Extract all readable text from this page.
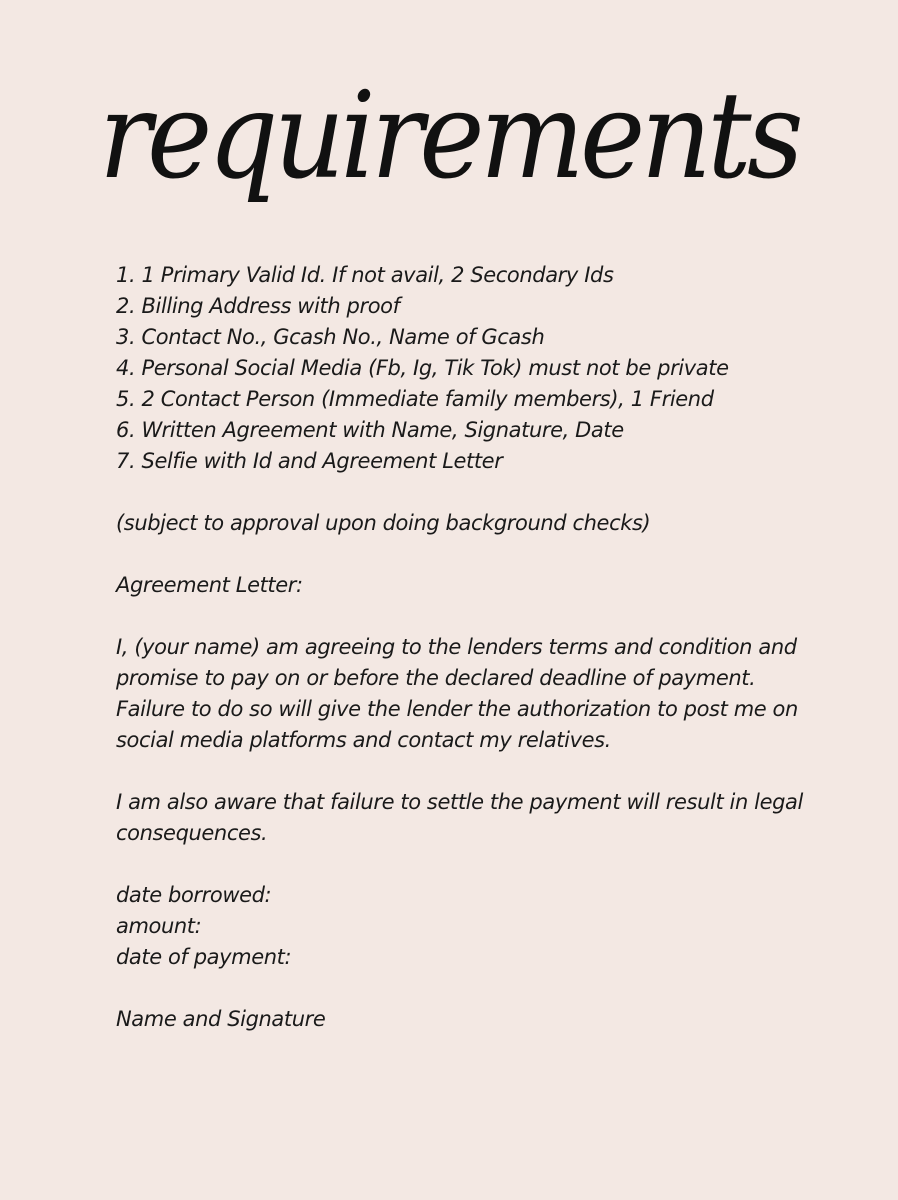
requirements
1. 1 Primary Valid Id. If not avail, 2 Secondary Ids
2. Billing Address with proof
3. Contact No., Gcash No., Name of Gcash
4. Personal Social Media (Fb, Ig, Tik Tok) must not be private
5. 2 Contact Person (Immediate family members), 1 Friend
6. Written Agreement with Name, Signature, Date
7. Selfie with Id and Agreement Letter
(subject to approval upon doing background checks)
Agreement Letter:
I, (your name) am agreeing to the lenders terms and condition and
promise to pay on or before the declared deadline of payment.
Failure to do so will give the lender the authorization to post me on
social media platforms and contact my relatives.
I am also aware that failure to settle the payment will result in legal
consequences.
date borrowed:
amount:
date of payment:
Name and Signature
